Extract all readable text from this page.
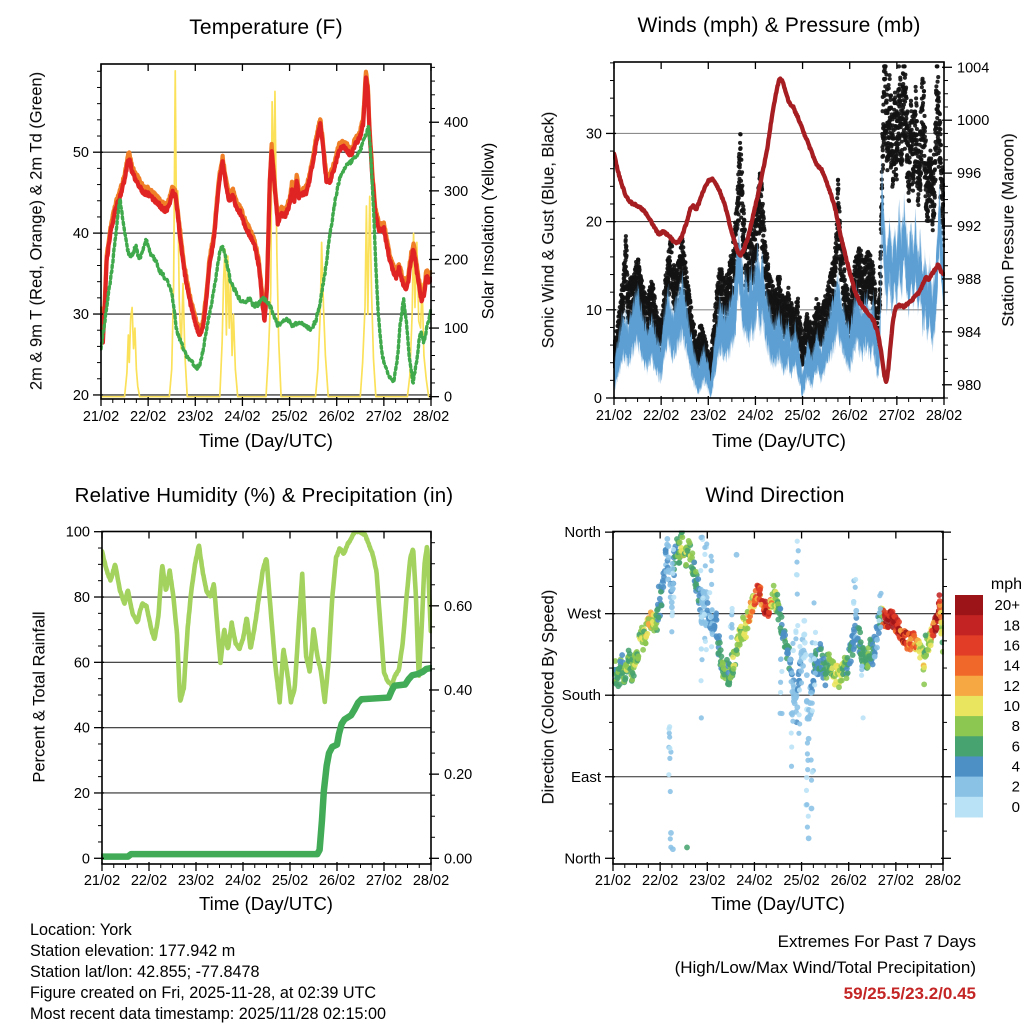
Temperature (F)
2m & 9m T (Red, Orange) & 2m Td (Green)	Solar Insolation (Yellow)
Time (Day/UTC)
Winds (mph) & Pressure (mb)
Sonic Wind & Gust (Blue, Black)	Station Pressure (Maroon)
Time (Day/UTC)
Relative Humidity (%) & Precipitation (in)
Percent & Total Rainfall
Time (Day/UTC)
Wind Direction
Direction (Colored By Speed)
Time (Day/UTC)
Location: York
Station elevation: 177.942 m
Station lat/lon: 42.855; -77.8478
Figure created on Fri, 2025-11-28, at 02:39 UTC
Most recent data timestamp: 2025/11/28 02:15:00
Extremes For Past 7 Days
(High/Low/Max Wind/Total Precipitation)
59/25.5/23.2/0.45
